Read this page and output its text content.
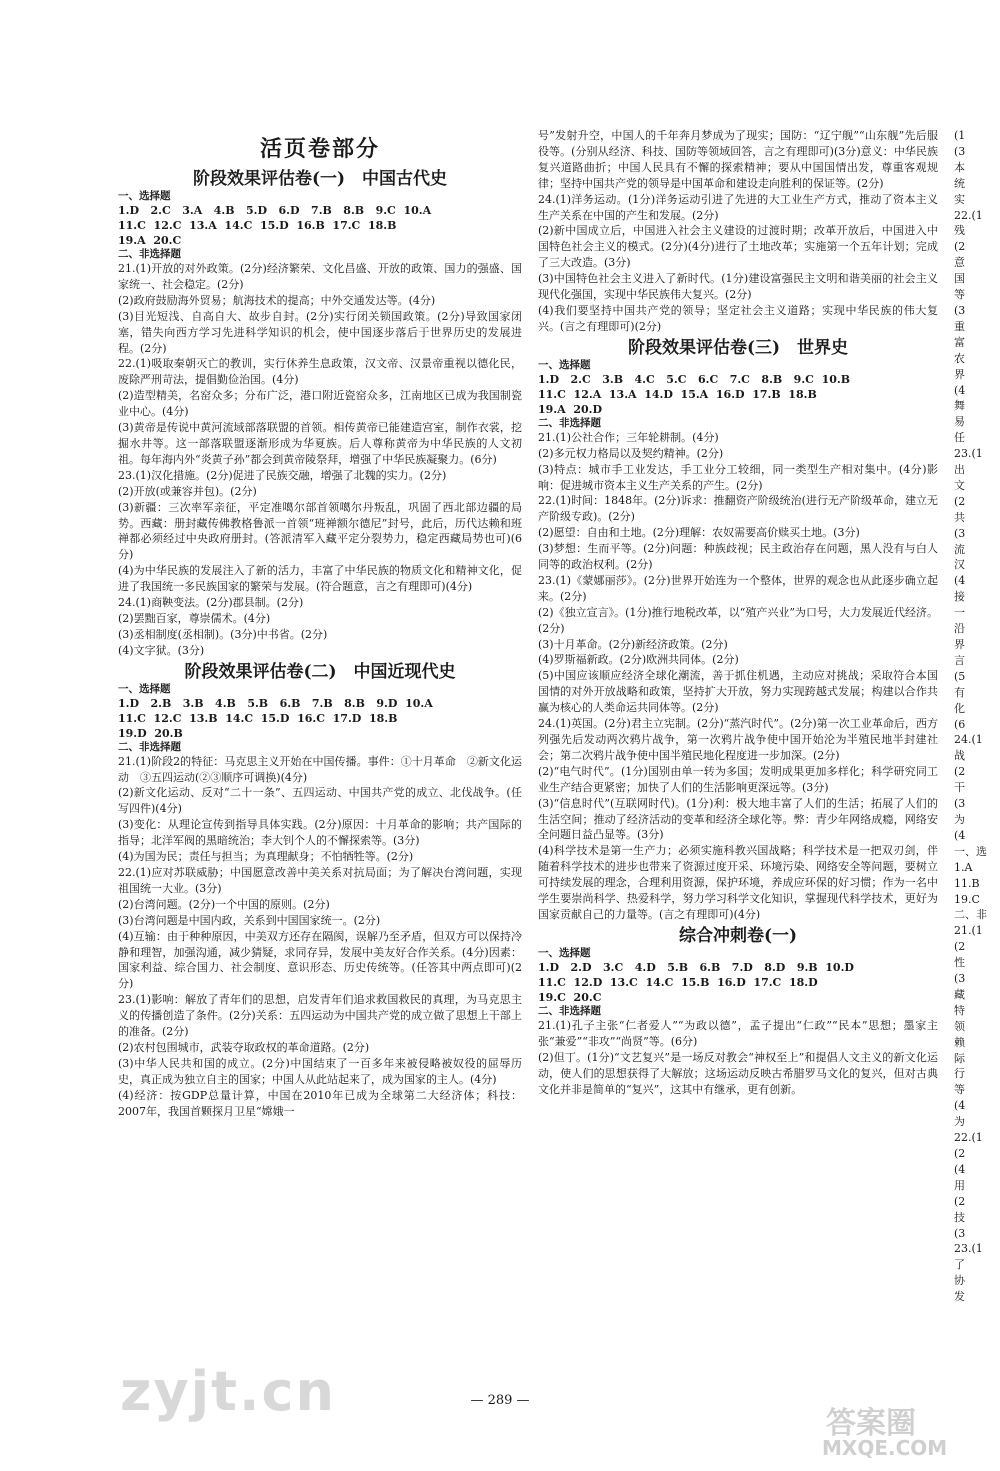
活页卷部分
阶段效果评估卷(一)　中国古代史
一、选择题
1.D   2.C   3.A   4.B   5.D   6.D   7.B   8.B   9.C  10.A
11.C  12.C  13.A  14.C  15.D  16.B  17.C  18.B
19.A  20.C
二、非选择题
21.(1)开放的对外政策。(2分)经济繁荣、文化昌盛、开放的政策、国力的强盛、国家统一、社会稳定。(2分)
(2)政府鼓励海外贸易；航海技术的提高；中外交通发达等。(4分)
(3)目光短浅、自高自大、故步自封。(2分)实行闭关锁国政策。(2分)导致国家闭塞，错失向西方学习先进科学知识的机会，使中国逐步落后于世界历史的发展进程。(2分)
22.(1)吸取秦朝灭亡的教训，实行休养生息政策，汉文帝、汉景帝重视以德化民，废除严刑苛法，提倡勤俭治国。(4分)
(2)造型精美，名窑众多；分布广泛，港口附近瓷窑众多，江南地区已成为我国制瓷业中心。(4分)
(3)黄帝是传说中黄河流域部落联盟的首领。相传黄帝已能建造宫室，制作衣裳，挖掘水井等。这一部落联盟逐渐形成为华夏族。后人尊称黄帝为中华民族的人文初祖。每年海内外“炎黄子孙”都会到黄帝陵祭拜，增强了中华民族凝聚力。(6分)
23.(1)汉化措施。(2分)促进了民族交融，增强了北魏的实力。(2分)
(2)开放(或兼容并包)。(2分)
(3)新疆：三次率军亲征，平定准噶尔部首领噶尔丹叛乱，巩固了西北部边疆的局势。西藏：册封藏传佛教格鲁派一首领“班禅额尔德尼”封号，此后，历代达赖和班禅都必须经过中央政府册封。(答派清军入藏平定分裂势力，稳定西藏局势也可)(6分)
(4)为中华民族的发展注入了新的活力，丰富了中华民族的物质文化和精神文化，促进了我国统一多民族国家的繁荣与发展。(符合题意，言之有理即可)(4分)
24.(1)商鞅变法。(2分)郡县制。(2分)
(2)罢黜百家，尊崇儒术。(4分)
(3)丞相制度(丞相制)。(3分)中书省。(2分)
(4)文字狱。(3分)
阶段效果评估卷(二)　中国近现代史
一、选择题
1.D   2.B   3.B   4.B   5.B   6.B   7.B   8.B   9.D  10.A
11.C  12.C  13.B  14.C  15.D  16.C  17.D  18.B
19.D  20.B
二、非选择题
21.(1)阶段2的特征：马克思主义开始在中国传播。事件：①十月革命　②新文化运动　③五四运动(②③顺序可调换)(4分)
(2)新文化运动、反对“二十一条”、五四运动、中国共产党的成立、北伐战争。(任写四件)(4分)
(3)变化：从理论宣传到指导具体实践。(2分)原因：十月革命的影响；共产国际的指导；北洋军阀的黑暗统治；李大钊个人的不懈探索等。(3分)
(4)为国为民；责任与担当；为真理献身；不怕牺牲等。(2分)
22.(1)应对苏联威胁；中国愿意改善中美关系对抗局面；为了解决台湾问题，实现祖国统一大业。(3分)
(2)台湾问题。(2分)一个中国的原则。(2分)
(3)台湾问题是中国内政，关系到中国国家统一。(2分)
(4)互输：由于种种原因，中美双方还存在隔阂，误解乃至矛盾，但双方可以保持冷静和理智，加强沟通，减少猜疑，求同存异，发展中美友好合作关系。(4分)因素：国家利益、综合国力、社会制度、意识形态、历史传统等。(任答其中两点即可)(2分)
23.(1)影响：解放了青年们的思想，启发青年们追求救国救民的真理，为马克思主义的传播创造了条件。(2分)关系：五四运动为中国共产党的成立做了思想上干部上的准备。(2分)
(2)农村包围城市，武装夺取政权的革命道路。(2分)
(3)中华人民共和国的成立。(2分)中国结束了一百多年来被侵略被奴役的屈辱历史，真正成为独立自主的国家；中国人从此站起来了，成为国家的主人。(4分)
(4)经济：按GDP总量计算，中国在2010年已成为全球第二大经济体；科技：2007年，我国首颗探月卫星“嫦娥一
号”发射升空，中国人的千年奔月梦成为了现实；国防：“辽宁舰”“山东舰”先后服役等。(分别从经济、科技、国防等领域回答，言之有理即可)(3分)意义：中华民族复兴道路曲折；中国人民具有不懈的探索精神；要从中国国情出发，尊重客观规律；坚持中国共产党的领导是中国革命和建设走向胜利的保证等。(2分)
24.(1)洋务运动。(1分)洋务运动引进了先进的大工业生产方式，推动了资本主义生产关系在中国的产生和发展。(2分)
(2)新中国成立后，中国进入社会主义建设的过渡时期；改革开放后，中国进入中国特色社会主义的模式。(2分)(4分)进行了土地改革；实施第一个五年计划；完成了三大改造。(3分)
(3)中国特色社会主义进入了新时代。(1分)建设富强民主文明和谐美丽的社会主义现代化强国，实现中华民族伟大复兴。(2分)
(4)我们要坚持中国共产党的领导；坚定社会主义道路；实现中华民族的伟大复兴。(言之有理即可)(2分)
阶段效果评估卷(三)　世界史
一、选择题
1.D   2.C   3.B   4.C   5.C   6.C   7.C   8.B   9.C  10.B
11.C  12.A  13.A  14.D  15.A  16.D  17.B  18.B
19.A  20.D
二、非选择题
21.(1)公社合作；三年轮耕制。(4分)
(2)多元权力格局以及契约精神。(2分)
(3)特点：城市手工业发达，手工业分工较细，同一类型生产相对集中。(4分)影响：促进城市资本主义生产关系的产生。(2分)
22.(1)时间：1848年。(2分)诉求：推翻资产阶级统治(进行无产阶级革命，建立无产阶级专政)。(2分)
(2)愿望：自由和土地。(2分)理解：农奴需要高价赎买土地。(3分)
(3)梦想：生而平等。(2分)问题：种族歧视；民主政治存在问题，黑人没有与白人同等的政治权利。(2分)
23.(1)《蒙娜丽莎》。(2分)世界开始连为一个整体，世界的观念也从此逐步确立起来。(2分)
(2)《独立宣言》。(1分)推行地税改革，以“殖产兴业”为口号，大力发展近代经济。(2分)
(3)十月革命。(2分)新经济政策。(2分)
(4)罗斯福新政。(2分)欧洲共同体。(2分)
(5)中国应该顺应经济全球化潮流，善于抓住机遇，主动应对挑战；采取符合本国国情的对外开放战略和政策，坚持扩大开放，努力实现跨越式发展；构建以合作共赢为核心的人类命运共同体等。(2分)
24.(1)英国。(2分)君主立宪制。(2分)“蒸汽时代”。(2分)第一次工业革命后，西方列强先后发动两次鸦片战争，第一次鸦片战争使中国开始沦为半殖民地半封建社会；第二次鸦片战争使中国半殖民地化程度进一步加深。(2分)
(2)“电气时代”。(1分)国别由单一转为多国；发明成果更加多样化；科学研究同工业生产结合更紧密；加快了人们的生活影响更深远等。(3分)
(3)“信息时代”(互联网时代)。(1分)利：极大地丰富了人们的生活；拓展了人们的生活空间；推动了经济活动的变革和经济全球化等。弊：青少年网络成瘾，网络安全问题日益凸显等。(3分)
(4)科学技术是第一生产力；必须实施科教兴国战略；科学技术是一把双刃剑，伴随着科学技术的进步也带来了资源过度开采、环境污染、网络安全等问题，要树立可持续发展的理念，合理利用资源，保护环境，养成应环保的好习惯；作为一名中学生要崇尚科学、热爱科学，努力学习科学文化知识，掌握现代科学技术，更好为国家贡献自己的力量等。(言之有理即可)(4分)
综合冲刺卷(一)
一、选择题
1.D   2.D   3.C   4.D   5.B   6.B   7.D   8.D   9.B  10.D
11.C  12.D  13.C  14.C  15.B  16.D  17.C  18.D
19.C  20.C
二、非选择题
21.(1)孔子主张“仁者爱人”“为政以德”，孟子提出“仁政”“民本”思想；墨家主张“兼爱”“非攻”“尚贤”等。(6分)
(2)但丁。(1分)“文艺复兴”是一场反对教会“神权至上”和提倡人文主义的新文化运动，使人们的思想获得了大解放；这场运动反映古希腊罗马文化的复兴，但对古典文化并非是简单的“复兴”，这其中有继承，更有创新。
(1
(3
本
统
实
22.(1
残
(2
意
国
等
(3
重
富
农
界
(4
舞
易
任
23.(1
出
文
(2
共
(3
流
汉
(4
接
一
沿
界
言
(5
有
化
(6
24.(1
战
(2
干
(3
为
(4
一、选
1.A
11.B
19.C
二、非
21.(1
(2
性
(3
藏
特
领
赖
际
行
等
(4
为
22.(1
(2
(4
用
(2
技
(3
23.(1
了
协
发
— 289 —
zyjt.cn
答案圈
MXQE.COM
